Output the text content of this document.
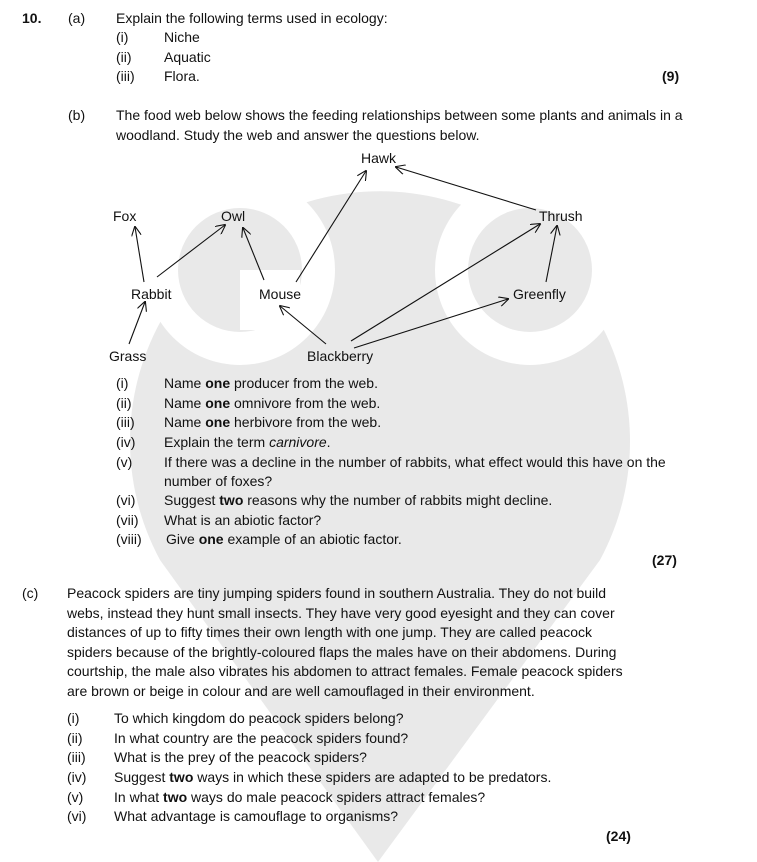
10. (a) Explain the following terms used in ecology:
(i)	Niche
(ii) Aquatic
(iii) Flora.	(9)
(b) The food web below shows the feeding relationships between some plants and animals in a
woodland. Study the web and answer the questions below.
Hawk
Fox	Owl	Thrush
Rabbit	Mouse	Greenfly
Grass	Blackberry
(i)	Name one producer from the web.
(ii) Name one omnivore from the web.
(iii) Name one herbivore from the web.
(iv) Explain the term carnivore.
(v) If there was a decline in the number of rabbits, what effect would this have on the
number of foxes?
(vi) Suggest two reasons why the number of rabbits might decline.
(vii) What is an abiotic factor?
(viii) Give one example of an abiotic factor.
(27)
(c) Peacock spiders are tiny jumping spiders found in southern Australia. They do not build
webs, instead they hunt small insects. They have very good eyesight and they can cover
distances of up to fifty times their own length with one jump. They are called peacock
spiders because of the brightly-coloured flaps the males have on their abdomens. During
courtship, the male also vibrates his abdomen to attract females. Female peacock spiders
are brown or beige in colour and are well camouflaged in their environment.
(i) To which kingdom do peacock spiders belong?
(ii) In what country are the peacock spiders found?
(iii) What is the prey of the peacock spiders?
(iv) Suggest two ways in which these spiders are adapted to be predators.
(v) In what two ways do male peacock spiders attract females?
(vi) What advantage is camouflage to organisms?
(24)
